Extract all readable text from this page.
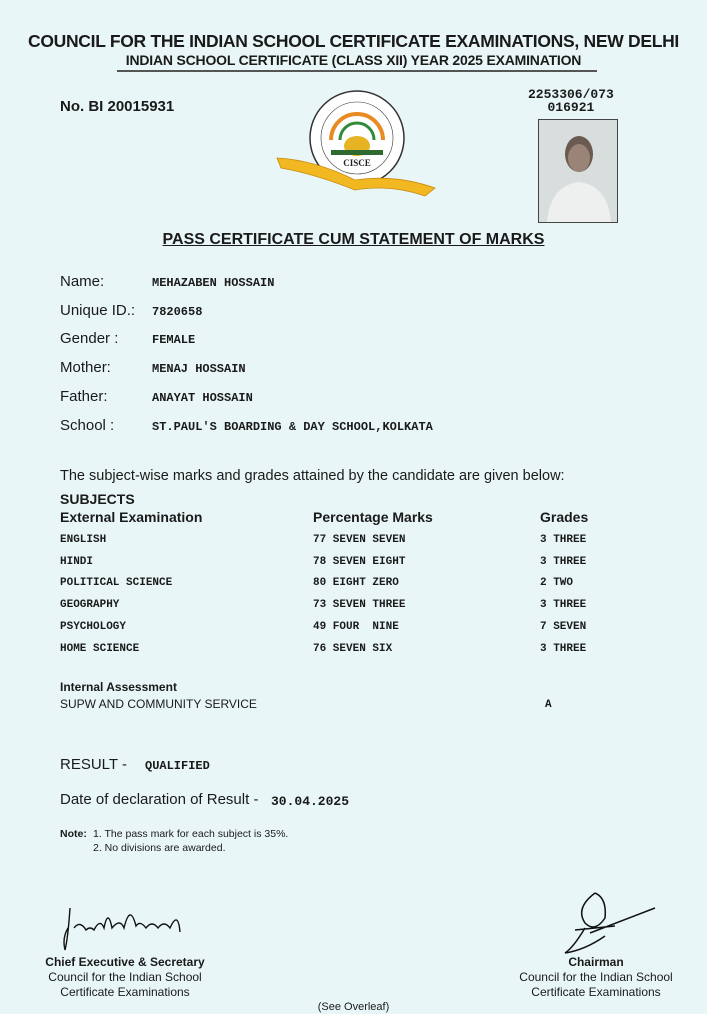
COUNCIL FOR THE INDIAN SCHOOL CERTIFICATE EXAMINATIONS, NEW DELHI
INDIAN SCHOOL CERTIFICATE (CLASS XII) YEAR 2025 EXAMINATION
No. BI 20015931
2253306/073
016921
CISCE
PASS CERTIFICATE CUM STATEMENT OF MARKS
Name:	MEHAZABEN HOSSAIN
Unique ID.: 7820658
Gender :	FEMALE
Mother:	MENAJ HOSSAIN
Father:	ANAYAT HOSSAIN
School :	ST.PAUL'S BOARDING & DAY SCHOOL,KOLKATA
The subject-wise marks and grades attained by the candidate are given below:
SUBJECTS
External Examination	Percentage Marks	Grades
ENGLISH	77 SEVEN SEVEN	3 THREE
HINDI	78 SEVEN EIGHT	3 THREE
POLITICAL SCIENCE	80 EIGHT ZERO	2 TWO
GEOGRAPHY	73 SEVEN THREE	3 THREE
PSYCHOLOGY	49 FOUR  NINE	7 SEVEN
HOME SCIENCE	76 SEVEN SIX	3 THREE
Internal Assessment
SUPW AND COMMUNITY SERVICE	A
RESULT - QUALIFIED
Date of declaration of Result - 30.04.2025
Note: 1. The pass mark for each subject is 35%.
2. No divisions are awarded.
Chief Executive & Secretary
Council for the Indian School
Certificate Examinations
Chairman
Council for the Indian School
Certificate Examinations
(See Overleaf)
